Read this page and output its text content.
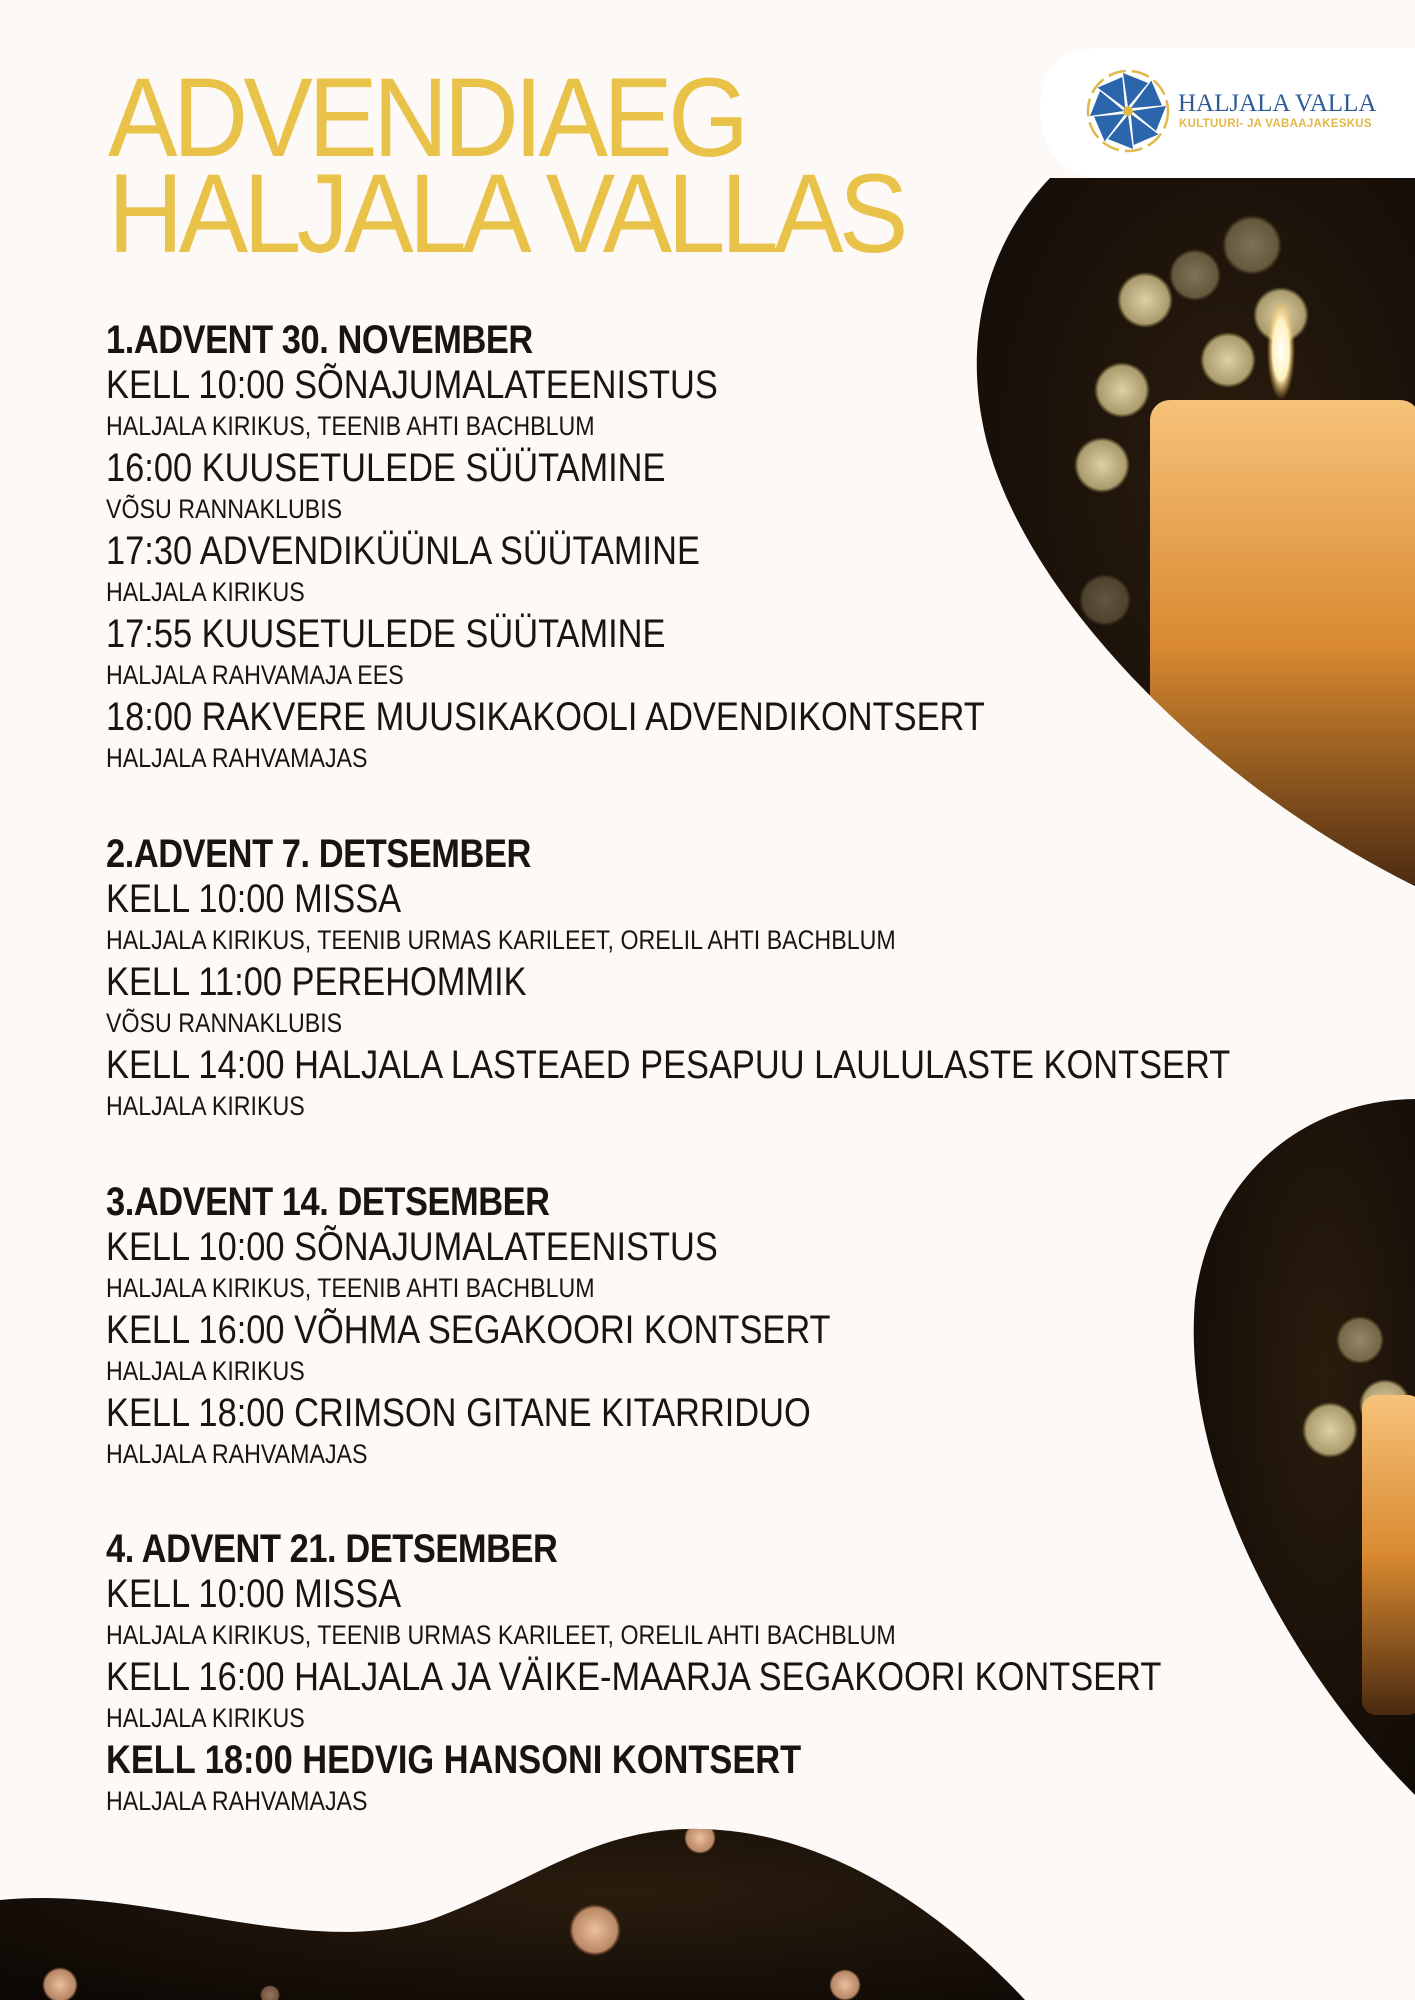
HALJALA VALLA
KULTUURI- JA VABAAJAKESKUS
ADVENDIAEG
HALJALA VALLAS
1.ADVENT 30. NOVEMBER
KELL 10:00 SÕNAJUMALATEENISTUS
HALJALA KIRIKUS, TEENIB AHTI BACHBLUM
16:00 KUUSETULEDE SÜÜTAMINE
VÕSU RANNAKLUBIS
17:30 ADVENDIKÜÜNLA SÜÜTAMINE
HALJALA KIRIKUS
17:55 KUUSETULEDE SÜÜTAMINE
HALJALA RAHVAMAJA EES
18:00 RAKVERE MUUSIKAKOOLI ADVENDIKONTSERT
HALJALA RAHVAMAJAS
2.ADVENT 7. DETSEMBER
KELL 10:00 MISSA
HALJALA KIRIKUS, TEENIB URMAS KARILEET, ORELIL AHTI BACHBLUM
KELL 11:00 PEREHOMMIK
VÕSU RANNAKLUBIS
KELL 14:00 HALJALA LASTEAED PESAPUU LAULULASTE KONTSERT
HALJALA KIRIKUS
3.ADVENT 14. DETSEMBER
KELL 10:00 SÕNAJUMALATEENISTUS
HALJALA KIRIKUS, TEENIB AHTI BACHBLUM
KELL 16:00 VÕHMA SEGAKOORI KONTSERT
HALJALA KIRIKUS
KELL 18:00 CRIMSON GITANE KITARRIDUO
HALJALA RAHVAMAJAS
4. ADVENT 21. DETSEMBER
KELL 10:00 MISSA
HALJALA KIRIKUS, TEENIB URMAS KARILEET, ORELIL AHTI BACHBLUM
KELL 16:00 HALJALA JA VÄIKE-MAARJA SEGAKOORI KONTSERT
HALJALA KIRIKUS
KELL 18:00 HEDVIG HANSONI KONTSERT
HALJALA RAHVAMAJAS
